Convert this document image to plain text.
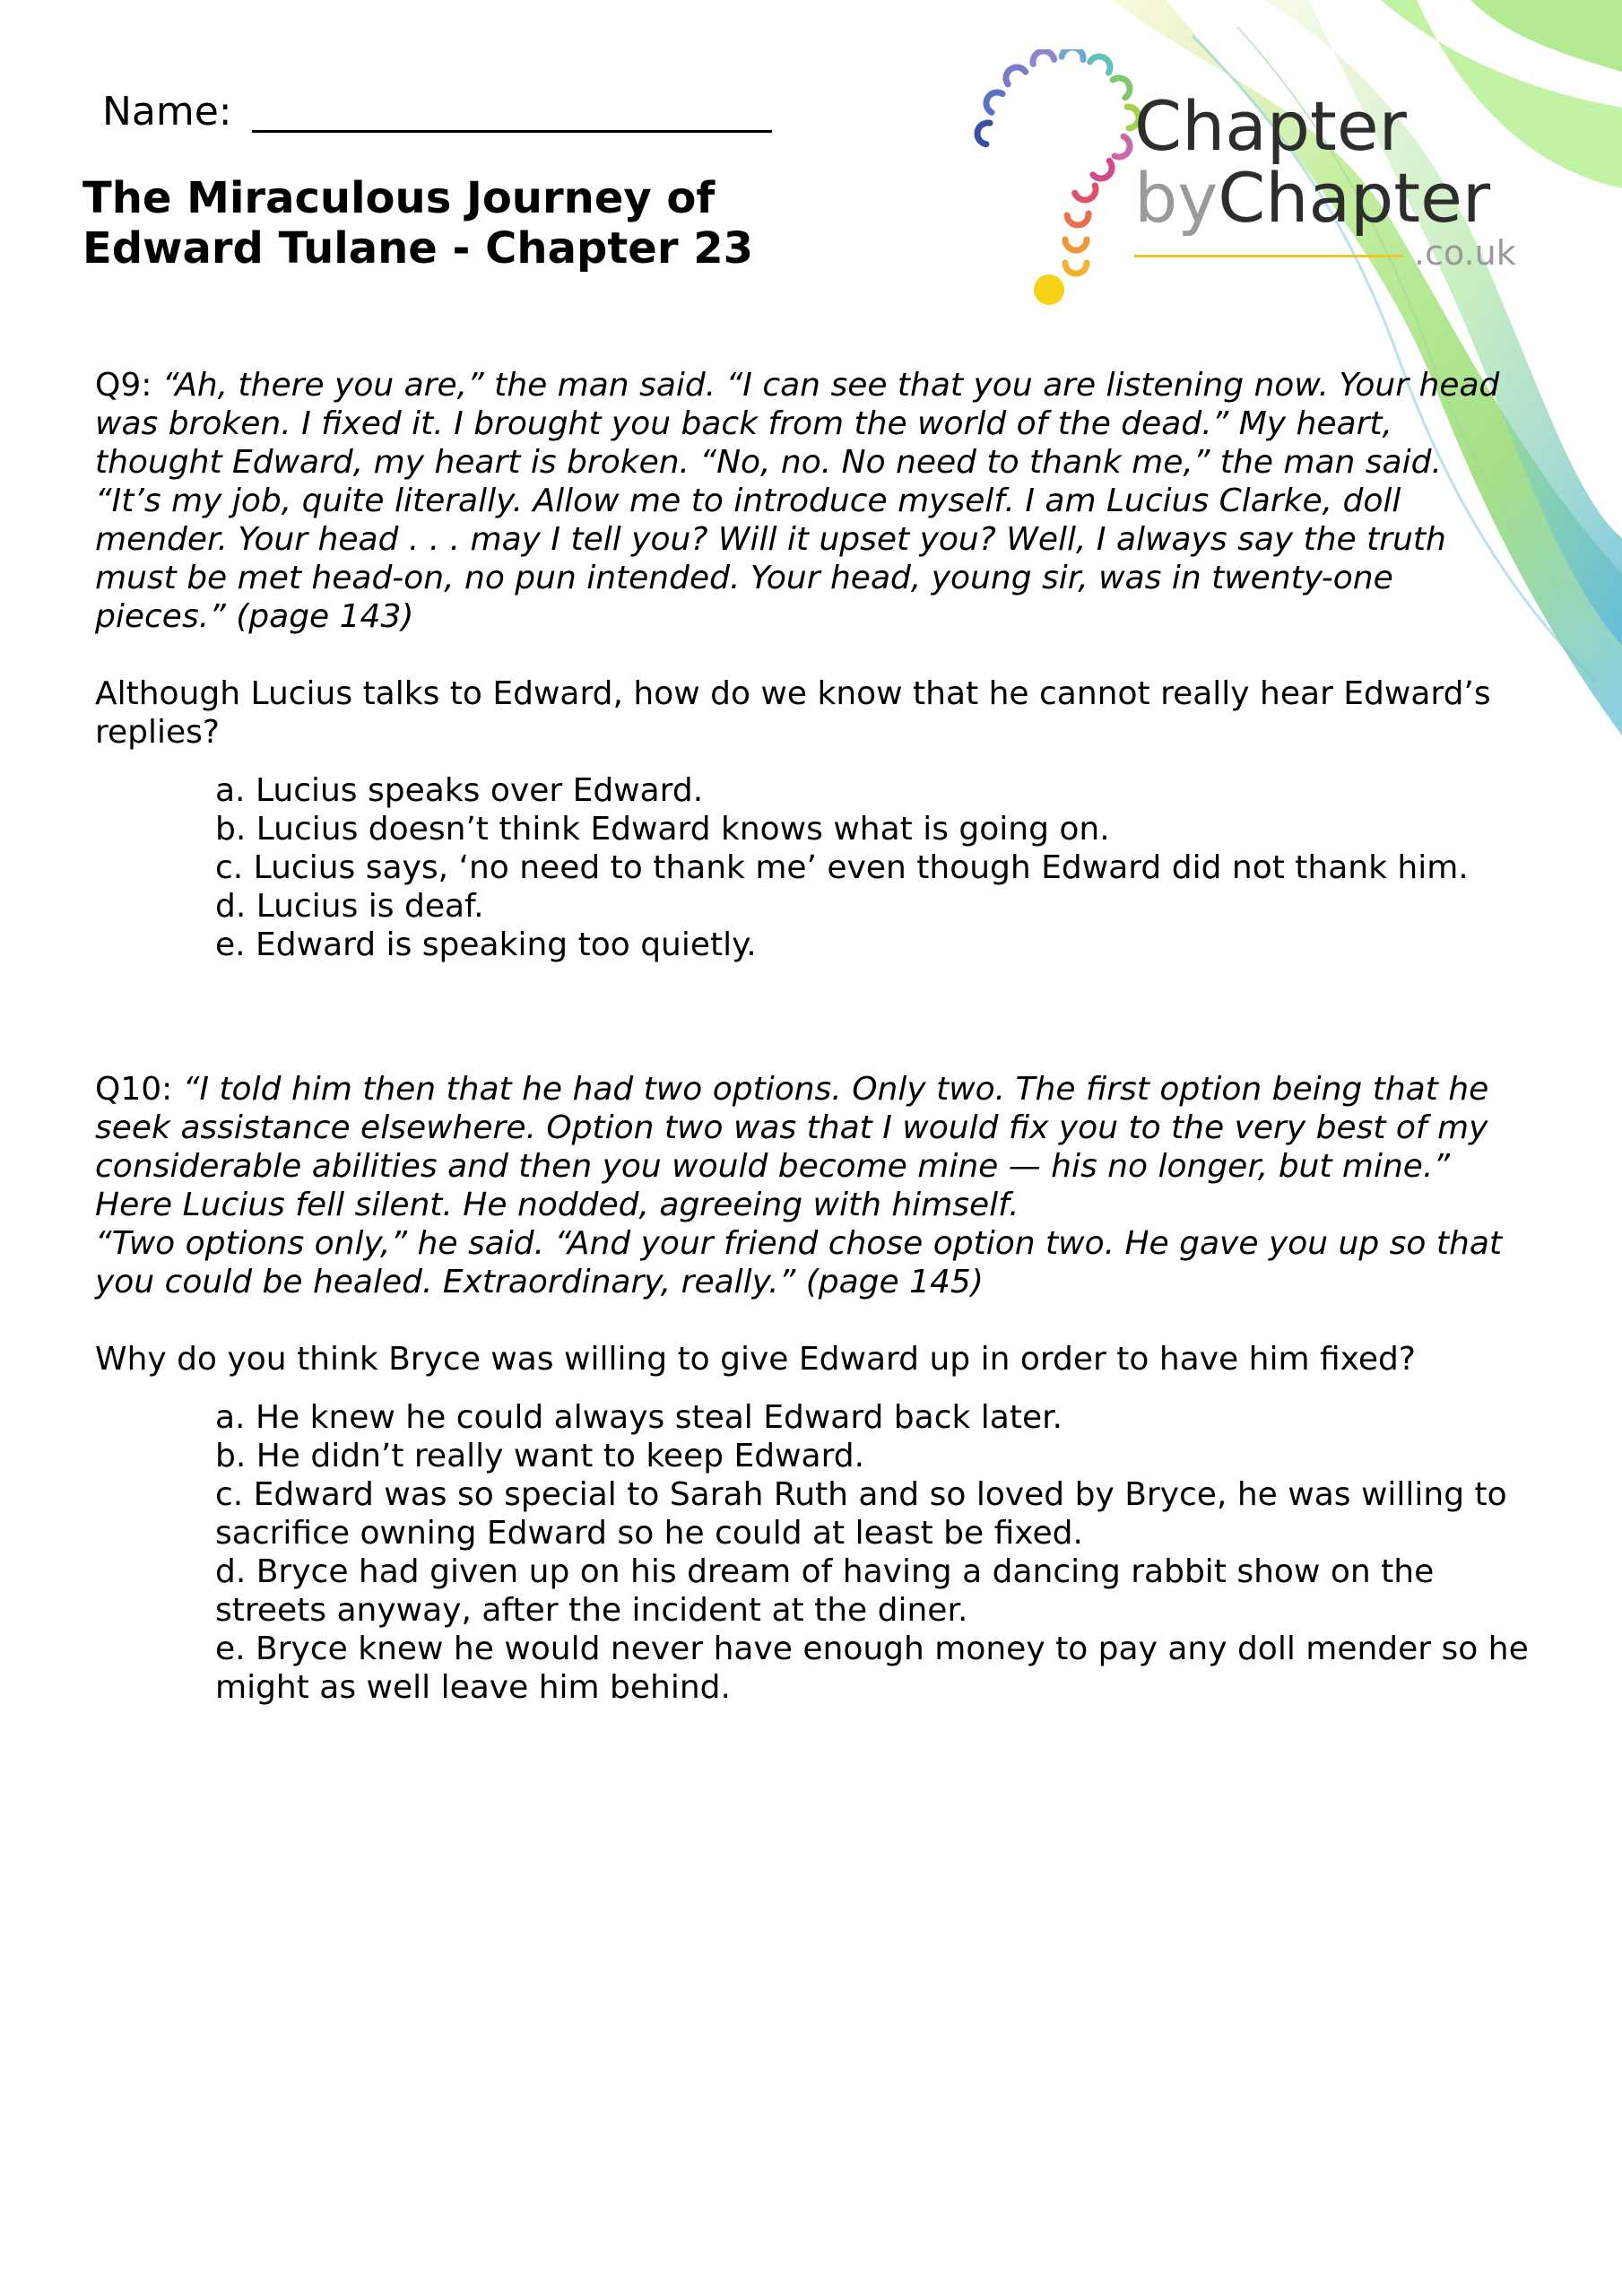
Name:
The Miraculous Journey of
Edward Tulane - Chapter 23
Chapter
byChapter
.co.uk

Q9: “Ah, there you are,” the man said. “I can see that you are listening now. Your head
was broken. I fixed it. I brought you back from the world of the dead.” My heart,
thought Edward, my heart is broken. “No, no. No need to thank me,” the man said.
“It’s my job, quite literally. Allow me to introduce myself. I am Lucius Clarke, doll
mender. Your head . . . may I tell you? Will it upset you? Well, I always say the truth
must be met head-on, no pun intended. Your head, young sir, was in twenty-one
pieces.” (page 143)

Although Lucius talks to Edward, how do we know that he cannot really hear Edward’s replies?
a. Lucius speaks over Edward.
b. Lucius doesn’t think Edward knows what is going on.
c. Lucius says, ‘no need to thank me’ even though Edward did not thank him.
d. Lucius is deaf.
e. Edward is speaking too quietly.

Q10: “I told him then that he had two options. Only two. The first option being that he
seek assistance elsewhere. Option two was that I would fix you to the very best of my
considerable abilities and then you would become mine — his no longer, but mine.”
Here Lucius fell silent. He nodded, agreeing with himself.
“Two options only,” he said. “And your friend chose option two. He gave you up so that
you could be healed. Extraordinary, really.” (page 145)

Why do you think Bryce was willing to give Edward up in order to have him fixed?
a. He knew he could always steal Edward back later.
b. He didn’t really want to keep Edward.
c. Edward was so special to Sarah Ruth and so loved by Bryce, he was willing to sacrifice owning Edward so he could at least be fixed.
d. Bryce had given up on his dream of having a dancing rabbit show on the streets anyway, after the incident at the diner.
e. Bryce knew he would never have enough money to pay any doll mender so he might as well leave him behind.
